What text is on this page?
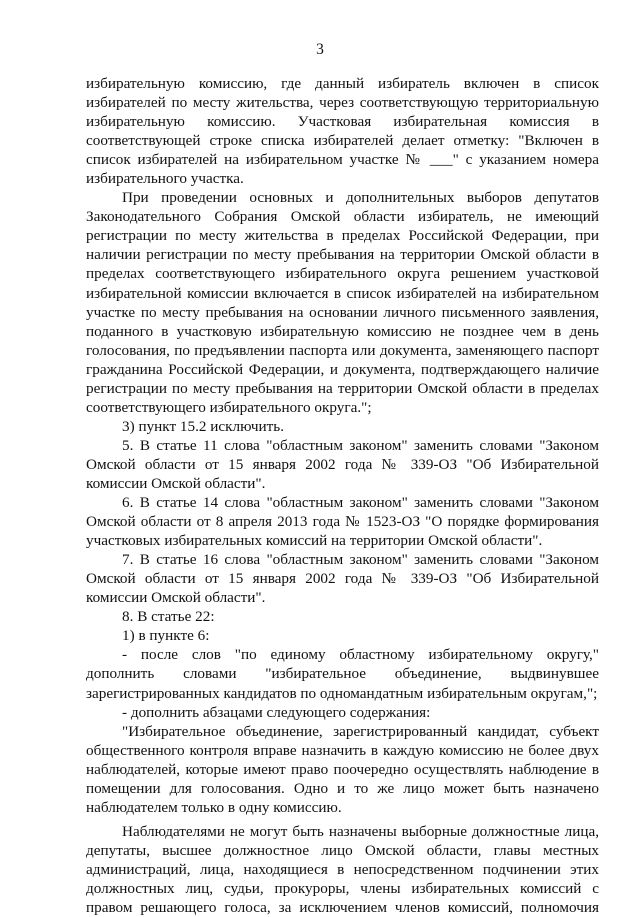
3
избирательную комиссию, где данный избиратель включен в список
избирателей по месту жительства, через соответствующую территориальную
избирательную комиссию. Участковая избирательная комиссия в
соответствующей строке списка избирателей делает отметку: "Включен в
список избирателей на избирательном участке № ___" с указанием номера
избирательного участка.
При проведении основных и дополнительных выборов депутатов
Законодательного Собрания Омской области избиратель, не имеющий
регистрации по месту жительства в пределах Российской Федерации, при
наличии регистрации по месту пребывания на территории Омской области в
пределах соответствующего избирательного округа решением участковой
избирательной комиссии включается в список избирателей на избирательном
участке по месту пребывания на основании личного письменного заявления,
поданного в участковую избирательную комиссию не позднее чем в день
голосования, по предъявлении паспорта или документа, заменяющего паспорт
гражданина Российской Федерации, и документа, подтверждающего наличие
регистрации по месту пребывания на территории Омской области в пределах
соответствующего избирательного округа.";
3) пункт 15.2 исключить.
5. В статье 11 слова "областным законом" заменить словами "Законом
Омской области от 15 января 2002 года № 339-ОЗ "Об Избирательной
комиссии Омской области".
6. В статье 14 слова "областным законом" заменить словами "Законом
Омской области от 8 апреля 2013 года № 1523-ОЗ "О порядке формирования
участковых избирательных комиссий на территории Омской области".
7. В статье 16 слова "областным законом" заменить словами "Законом
Омской области от 15 января 2002 года № 339-ОЗ "Об Избирательной
комиссии Омской области".
8. В статье 22:
1) в пункте 6:
- после слов "по единому областному избирательному округу,"
дополнить словами "избирательное объединение, выдвинувшее
зарегистрированных кандидатов по одномандатным избирательным округам,";
- дополнить абзацами следующего содержания:
"Избирательное объединение, зарегистрированный кандидат, субъект
общественного контроля вправе назначить в каждую комиссию не более двух
наблюдателей, которые имеют право поочередно осуществлять наблюдение в
помещении для голосования. Одно и то же лицо может быть назначено
наблюдателем только в одну комиссию.
Наблюдателями не могут быть назначены выборные должностные лица,
депутаты, высшее должностное лицо Омской области, главы местных
администраций, лица, находящиеся в непосредственном подчинении этих
должностных лиц, судьи, прокуроры, члены избирательных комиссий с
правом решающего голоса, за исключением членов комиссий, полномочия
